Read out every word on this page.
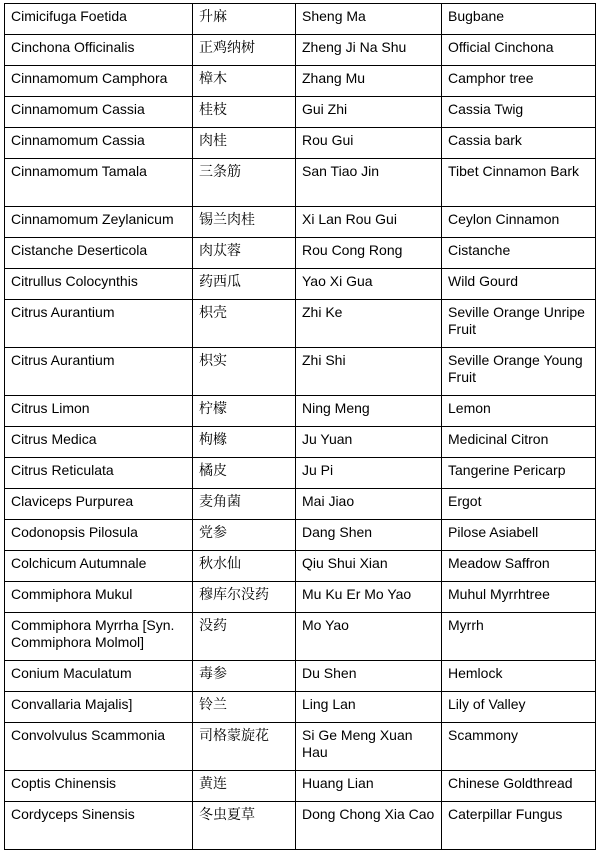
Cimicifuga Foetida	升麻	Sheng Ma	Bugbane
Cinchona Officinalis	正鸡纳树	Zheng Ji Na Shu	Official Cinchona
Cinnamomum Camphora	樟木	Zhang Mu	Camphor tree
Cinnamomum Cassia	桂枝	Gui Zhi	Cassia Twig
Cinnamomum Cassia	肉桂	Rou Gui	Cassia bark
Cinnamomum Tamala	三条筋	San Tiao Jin	Tibet Cinnamon Bark
Cinnamomum Zeylanicum	锡兰肉桂	Xi Lan Rou Gui	Ceylon Cinnamon
Cistanche Deserticola	肉苁蓉	Rou Cong Rong	Cistanche
Citrullus Colocynthis	药西瓜	Yao Xi Gua	Wild Gourd
Citrus Aurantium	枳壳	Zhi Ke	Seville Orange Unripe Fruit
Citrus Aurantium	枳实	Zhi Shi	Seville Orange Young Fruit
Citrus Limon	柠檬	Ning Meng	Lemon
Citrus Medica	枸橼	Ju Yuan	Medicinal Citron
Citrus Reticulata	橘皮	Ju Pi	Tangerine Pericarp
Claviceps Purpurea	麦角菌	Mai Jiao	Ergot
Codonopsis Pilosula	党参	Dang Shen	Pilose Asiabell
Colchicum Autumnale	秋水仙	Qiu Shui Xian	Meadow Saffron
Commiphora Mukul	穆库尔没药	Mu Ku Er Mo Yao	Muhul Myrrhtree
Commiphora Myrrha [Syn. Commiphora Molmol]	没药	Mo Yao	Myrrh
Conium Maculatum	毒参	Du Shen	Hemlock
Convallaria Majalis]	铃兰	Ling Lan	Lily of Valley
Convolvulus Scammonia	司格蒙旋花	Si Ge Meng Xuan Hau	Scammony
Coptis Chinensis	黄连	Huang Lian	Chinese Goldthread
Cordyceps Sinensis	冬虫夏草	Dong Chong Xia Cao	Caterpillar Fungus
